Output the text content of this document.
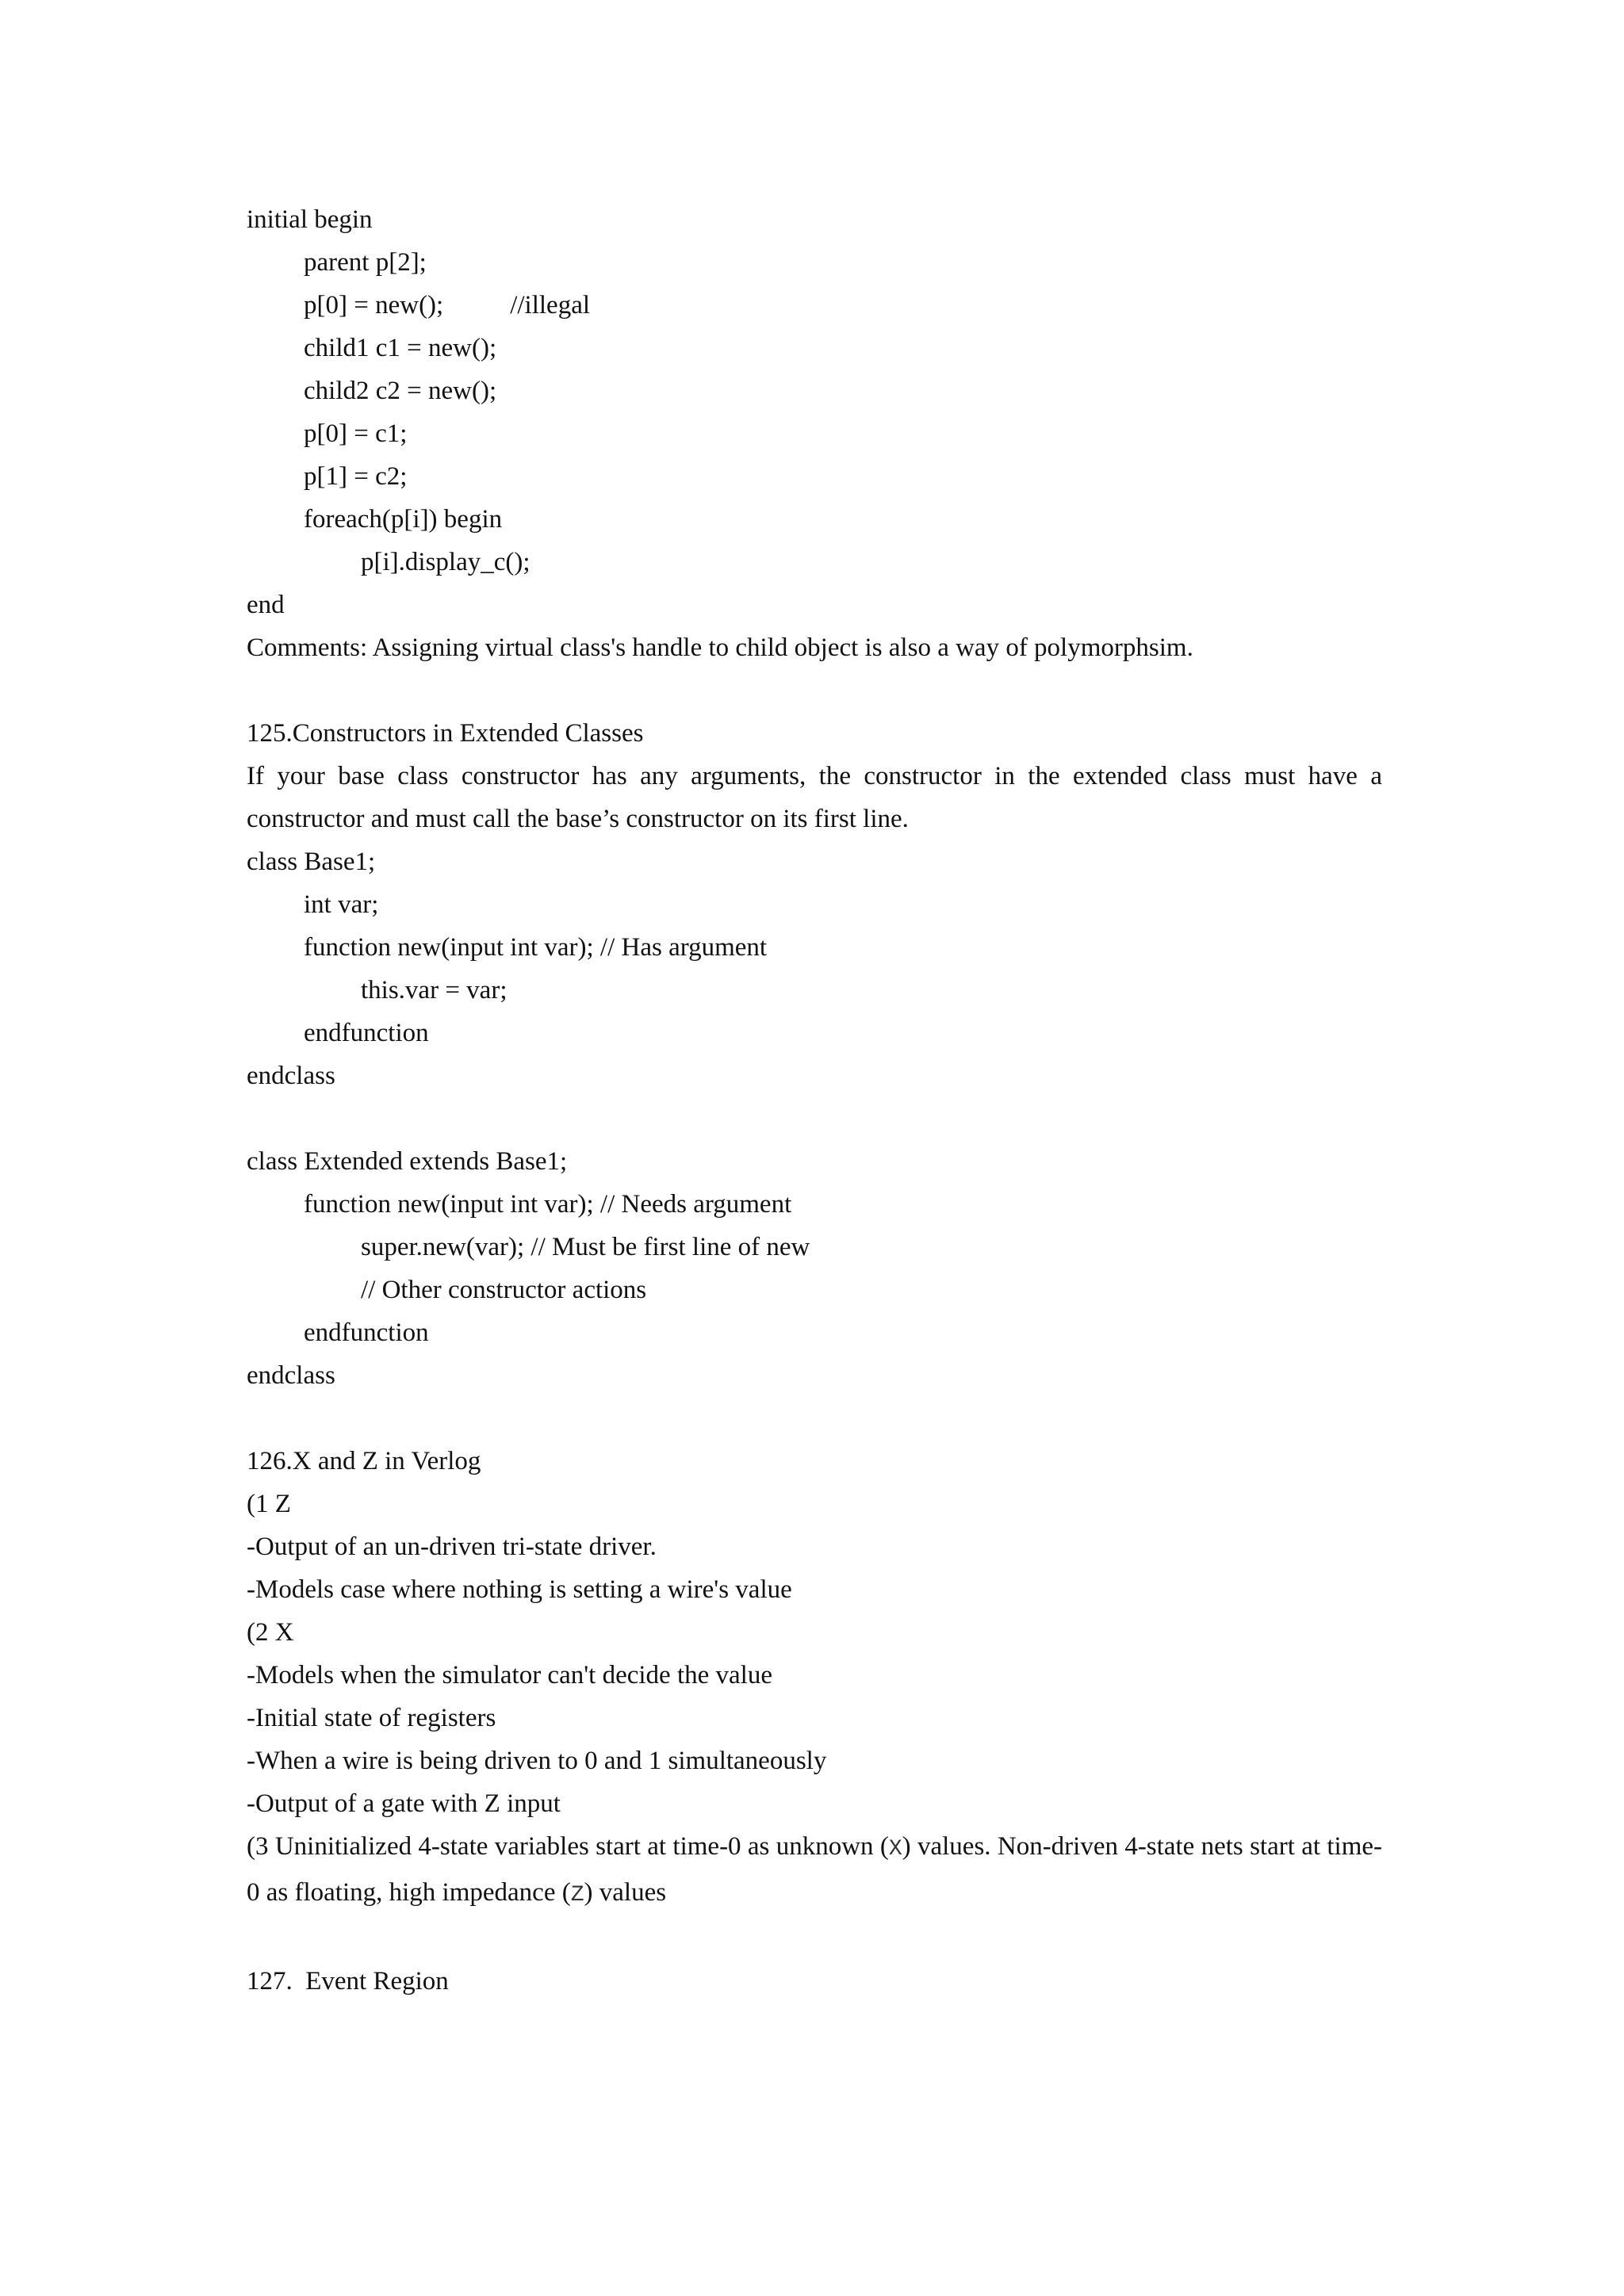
initial begin
parent p[2];
p[0] = new();	//illegal
child1 c1 = new();
child2 c2 = new();
p[0] = c1;
p[1] = c2;
foreach(p[i]) begin
p[i].display_c();
end
Comments: Assigning virtual class's handle to child object is also a way of polymorphsim.
125.Constructors in Extended Classes
If your base class constructor has any arguments, the constructor in the extended class must have a constructor and must call the base’s constructor on its first line.
class Base1;
int var;
function new(input int var); // Has argument
this.var = var;
endfunction
endclass
class Extended extends Base1;
function new(input int var); // Needs argument
super.new(var); // Must be first line of new
// Other constructor actions
endfunction
endclass
126.X and Z in Verlog
(1 Z
-Output of an un-driven tri-state driver.
-Models case where nothing is setting a wire's value
(2 X
-Models when the simulator can't decide the value
-Initial state of registers
-When a wire is being driven to 0 and 1 simultaneously
-Output of a gate with Z input
(3 Uninitialized 4-state variables start at time-0 as unknown (X) values. Non-driven 4-state nets start at time-0 as floating, high impedance (Z) values
127.  Event Region
